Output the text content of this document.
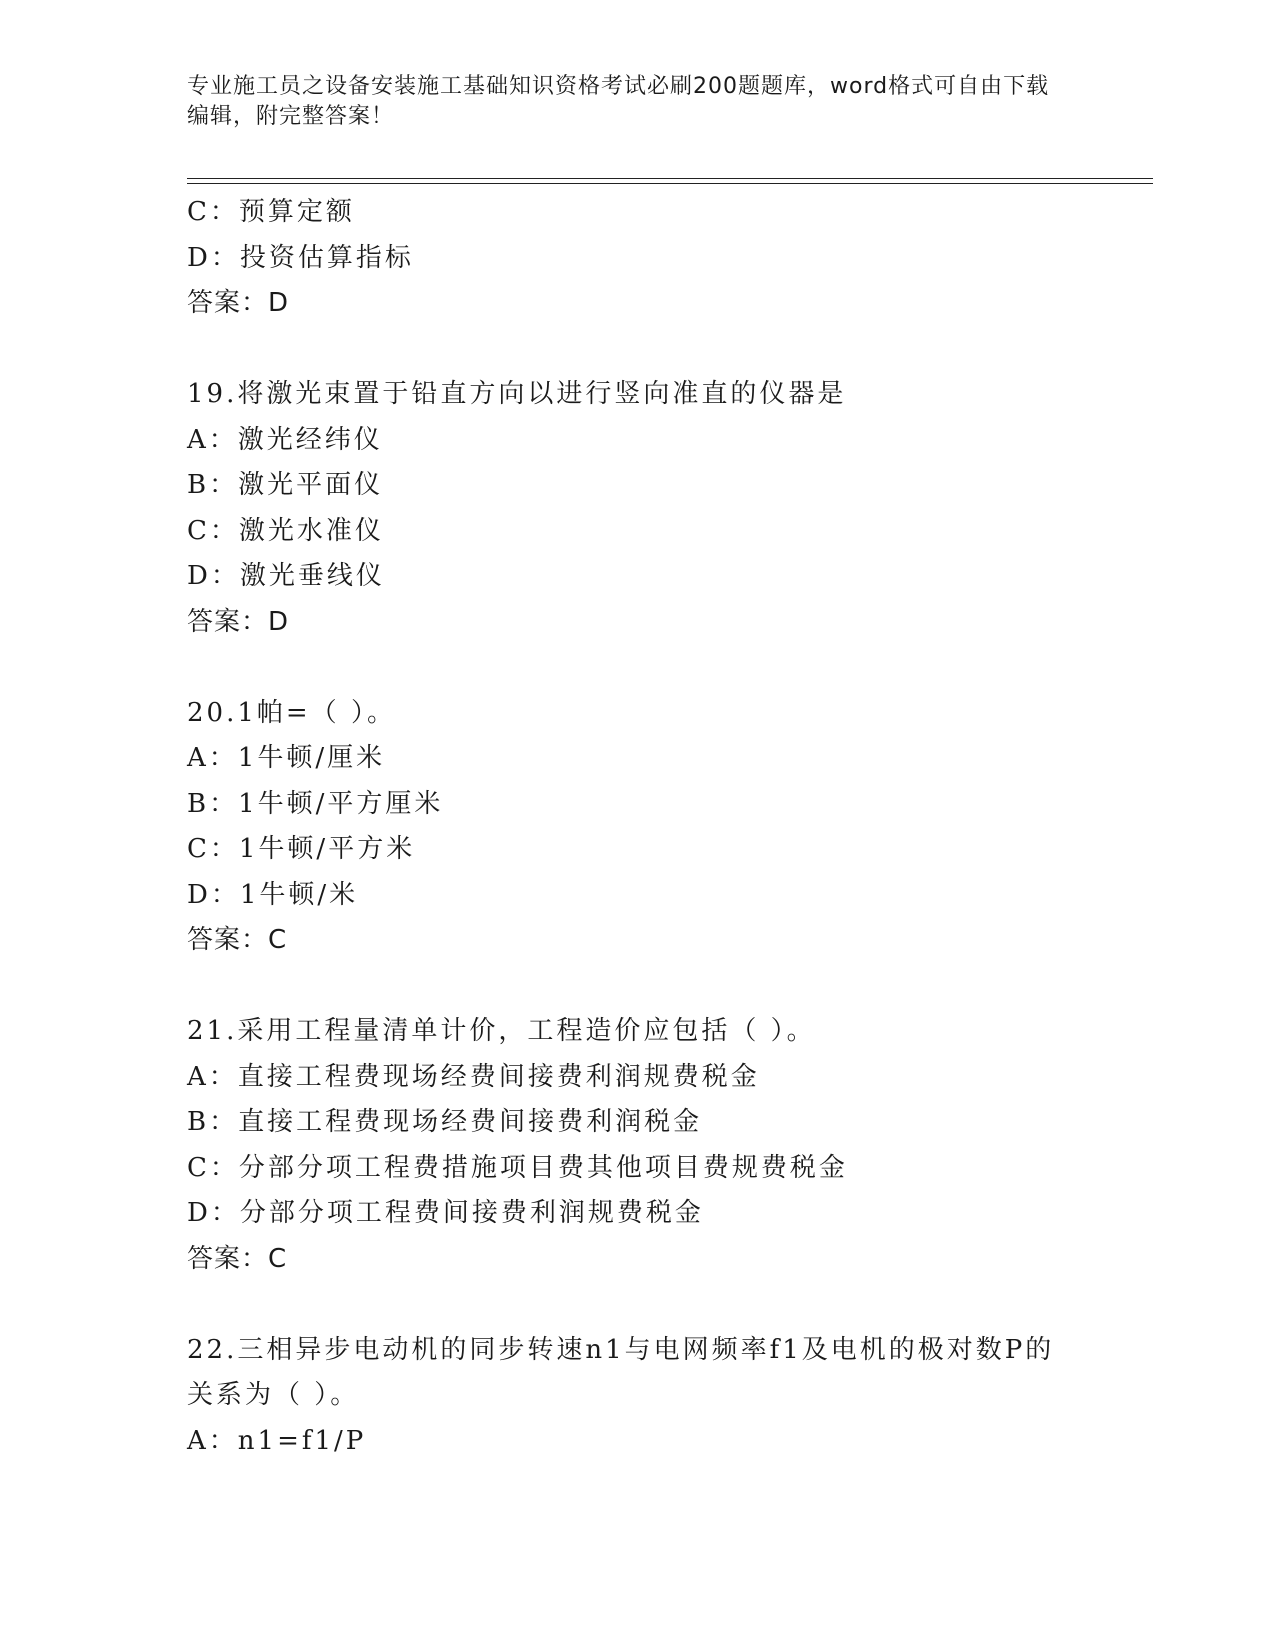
专业施工员之设备安装施工基础知识资格考试必刷200题题库，word格式可自由下载编辑，附完整答案！
C：预算定额
D：投资估算指标
答案：D
19.将激光束置于铅直方向以进行竖向准直的仪器是
A：激光经纬仪
B：激光平面仪
C：激光水准仪
D：激光垂线仪
答案：D
20.1帕=（ ）。
A：1牛顿/厘米
B：1牛顿/平方厘米
C：1牛顿/平方米
D：1牛顿/米
答案：C
21.采用工程量清单计价，工程造价应包括（ ）。
A：直接工程费现场经费间接费利润规费税金
B：直接工程费现场经费间接费利润税金
C：分部分项工程费措施项目费其他项目费规费税金
D：分部分项工程费间接费利润规费税金
答案：C
22.三相异步电动机的同步转速n1与电网频率f1及电机的极对数P的关系为（ ）。
A：n1=f1/P
